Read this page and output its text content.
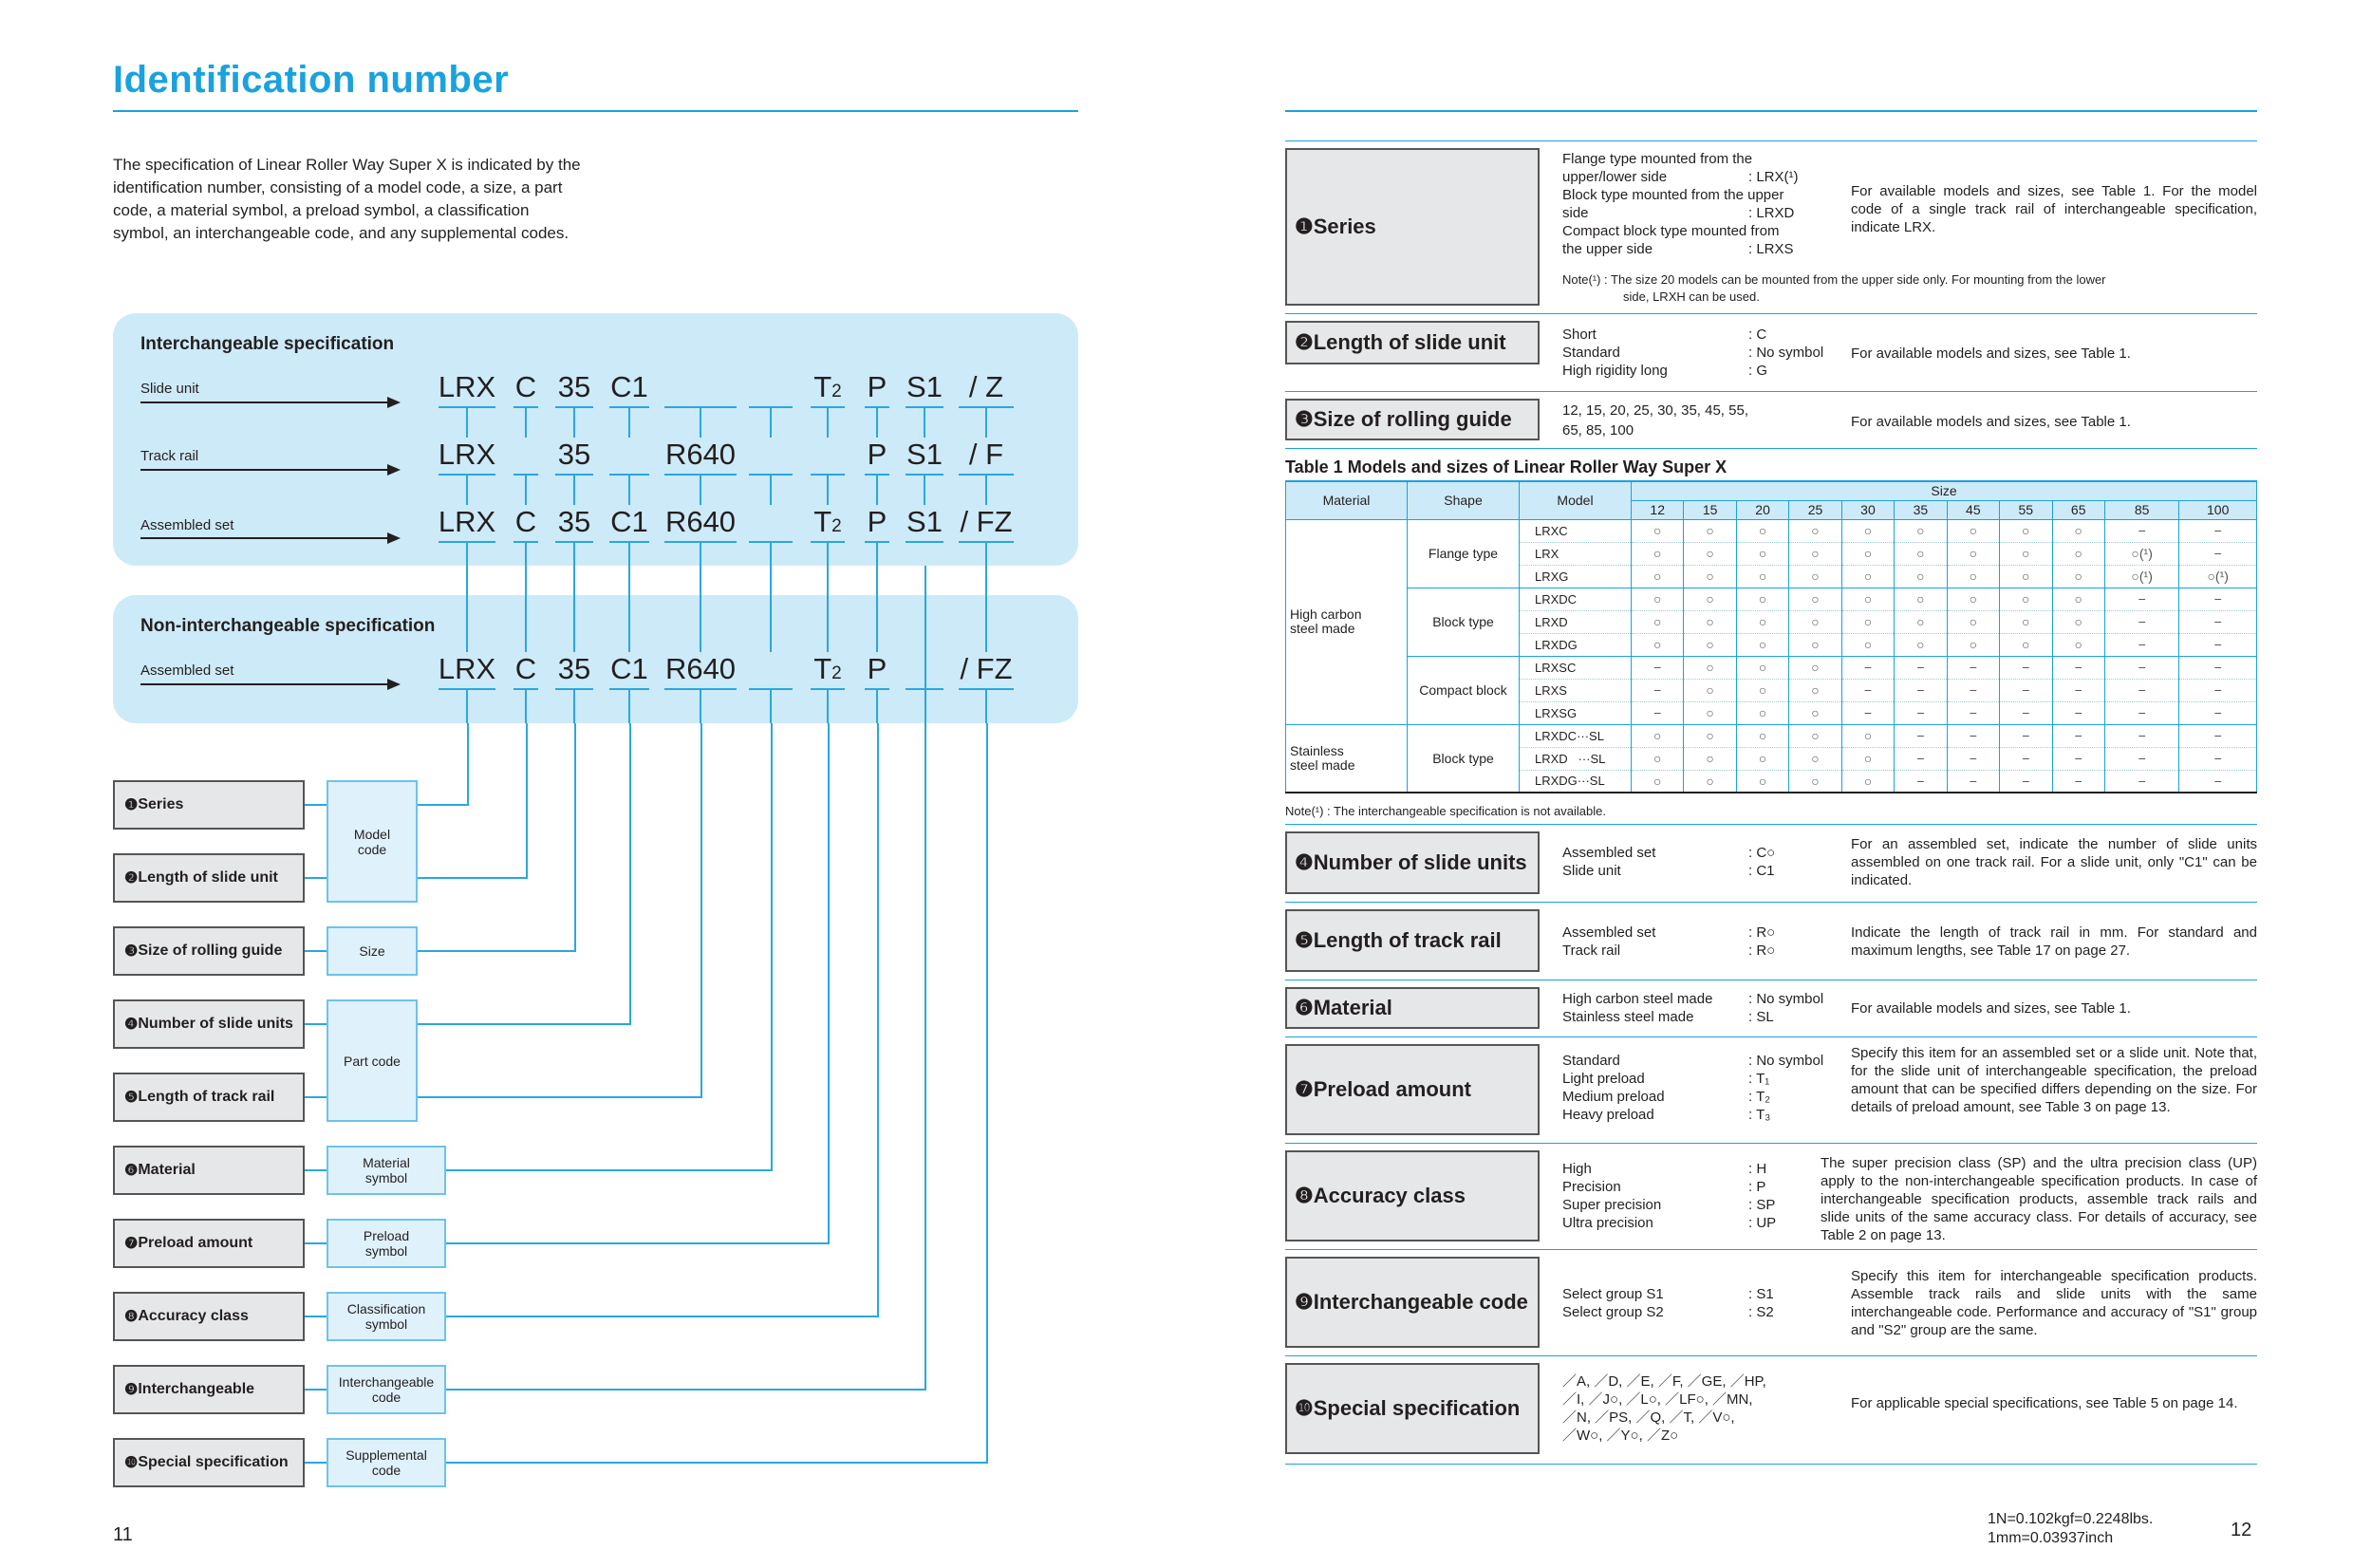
Identification number
The specification of Linear Roller Way Super X is indicated by the identification number, consisting of a model code, a size, a part code, a material symbol, a preload symbol, a classification symbol, an interchangeable code, and any supplemental codes.
Interchangeable specification
Non-interchangeable specification
Slide unit
Track rail
Assembled set
Assembled set
LRX C 35 C1	T2 P S1 / Z
LRX	35	R640	P S1 / F
LRX C 35 C1 R640	T2 P S1 / FZ
LRX C 35 C1 R640	T2 P	/ FZ
❶ Series
❷ Length of slide unit
❸ Size of rolling guide
❹ Number of slide units
❺ Length of track rail
❻ Material
❼ Preload amount
❽ Accuracy class
❾ Interchangeable
❿ Special specification
Model
code
Size
Part code
Material
symbol
Preload
symbol
Classification
symbol
Interchangeable
code
Supplemental
code
11
❶Series
Flange type mounted from the
upper/lower side	: LRX(¹)
Block type mounted from the upper
side	: LRXD
Compact block type mounted from
the upper side	: LRXS
For available models and sizes, see Table 1. For the model code of a single track rail of interchangeable specification, indicate LRX.
Note(¹) : The size 20 models can be mounted from the upper side only. For mounting from the lower
side, LRXH can be used.
❷Length of slide unit	Short	: C
Standard	: No symbol
High rigidity long	: G
For available models and sizes, see Table 1.
❸Size of rolling guide	12, 15, 20, 25, 30, 35, 45, 55,
65, 85, 100
For available models and sizes, see Table 1.
Table 1 Models and sizes of Linear Roller Way Super X
Material	Shape	Model	Size										
			12	15	20	25	30	35	45	55	65	85	100
High carbon
steel made	Flange type	LRXC	○	○	○	○	○	○	○	○	○	−	−
		LRX	○	○	○	○	○	○	○	○	○	○(¹)	−
		LRXG	○	○	○	○	○	○	○	○	○	○(¹)	○(¹)
	Block type	LRXDC	○	○	○	○	○	○	○	○	○	−	−
		LRXD	○	○	○	○	○	○	○	○	○	−	−
		LRXDG	○	○	○	○	○	○	○	○	○	−	−
	Compact block	LRXSC	−	○	○	○	−	−	−	−	−	−	−
		LRXS	−	○	○	○	−	−	−	−	−	−	−
		LRXSG	−	○	○	○	−	−	−	−	−	−	−
Stainless
steel made	Block type	LRXDC···SL	○	○	○	○	○	−	−	−	−	−	−
		LRXD   ···SL	○	○	○	○	○	−	−	−	−	−	−
		LRXDG···SL	○	○	○	○	○	−	−	−	−	−	−
Note(¹) : The interchangeable specification is not available.
❹Number of slide units	Assembled set	: C○
Slide unit	: C1
For an assembled set, indicate the number of slide units assembled on one track rail. For a slide unit, only "C1" can be indicated.
❺Length of track rail	Assembled set	: R○
Track rail	: R○
Indicate the length of track rail in mm. For standard and maximum lengths, see Table 17 on page 27.
❻Material	High carbon steel made	: No symbol
Stainless steel made	: SL
For available models and sizes, see Table 1.
❼Preload amount
Standard	: No symbol
Light preload	: T₁
Medium preload	: T₂
Heavy preload	: T₃
Specify this item for an assembled set or a slide unit. Note that, for the slide unit of interchangeable specification, the preload amount that can be specified differs depending on the size. For details of preload amount, see Table 3 on page 13.
❽Accuracy class
High	: H
Precision	: P
Super precision	: SP
Ultra precision	: UP
The super precision class (SP) and the ultra precision class (UP) apply to the non-interchangeable specification products. In case of interchangeable specification products, assemble track rails and slide units of the same accuracy class. For details of accuracy, see Table 2 on page 13.
❾Interchangeable code	Select group S1	: S1
Select group S2	: S2
Specify this item for interchangeable specification products. Assemble track rails and slide units with the same interchangeable code. Performance and accuracy of "S1" group and "S2" group are the same.
❿Special specification
／A, ／D, ／E, ／F, ／GE, ／HP,
／I, ／J○, ／L○, ／LF○, ／MN,
／N, ／PS, ／Q, ／T, ／V○,
／W○, ／Y○, ／Z○
For applicable special specifications, see Table 5 on page 14.
1N=0.102kgf=0.2248lbs.
1mm=0.03937inch	12
